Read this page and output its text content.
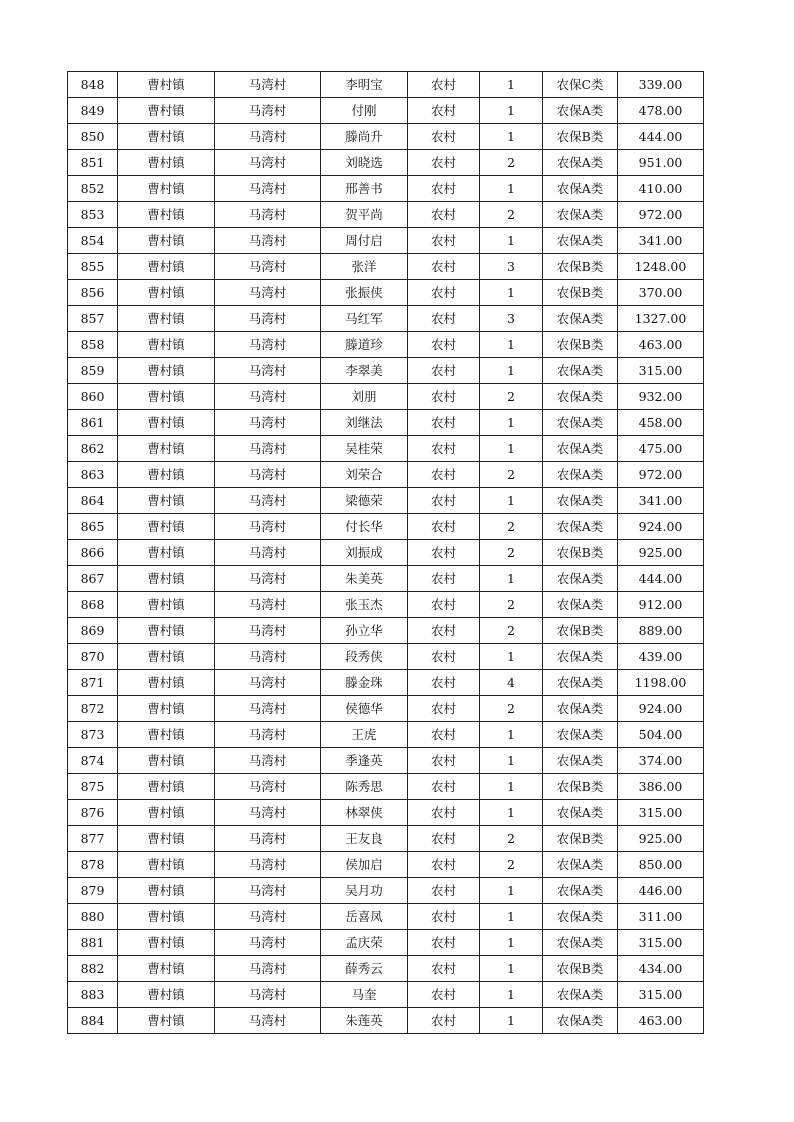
848	曹村镇	马湾村	李明宝	农村	1	农保C类	339.00
849	曹村镇	马湾村	付刚	农村	1	农保A类	478.00
850	曹村镇	马湾村	滕尚升	农村	1	农保B类	444.00
851	曹村镇	马湾村	刘晓选	农村	2	农保A类	951.00
852	曹村镇	马湾村	邢善书	农村	1	农保A类	410.00
853	曹村镇	马湾村	贺平尚	农村	2	农保A类	972.00
854	曹村镇	马湾村	周付启	农村	1	农保A类	341.00
855	曹村镇	马湾村	张洋	农村	3	农保B类	1248.00
856	曹村镇	马湾村	张振侠	农村	1	农保B类	370.00
857	曹村镇	马湾村	马红军	农村	3	农保A类	1327.00
858	曹村镇	马湾村	滕道珍	农村	1	农保B类	463.00
859	曹村镇	马湾村	李翠美	农村	1	农保A类	315.00
860	曹村镇	马湾村	刘朋	农村	2	农保A类	932.00
861	曹村镇	马湾村	刘继法	农村	1	农保A类	458.00
862	曹村镇	马湾村	吴桂荣	农村	1	农保A类	475.00
863	曹村镇	马湾村	刘荣合	农村	2	农保A类	972.00
864	曹村镇	马湾村	梁德荣	农村	1	农保A类	341.00
865	曹村镇	马湾村	付长华	农村	2	农保A类	924.00
866	曹村镇	马湾村	刘振成	农村	2	农保B类	925.00
867	曹村镇	马湾村	朱美英	农村	1	农保A类	444.00
868	曹村镇	马湾村	张玉杰	农村	2	农保A类	912.00
869	曹村镇	马湾村	孙立华	农村	2	农保B类	889.00
870	曹村镇	马湾村	段秀侠	农村	1	农保A类	439.00
871	曹村镇	马湾村	滕金珠	农村	4	农保A类	1198.00
872	曹村镇	马湾村	侯德华	农村	2	农保A类	924.00
873	曹村镇	马湾村	王虎	农村	1	农保A类	504.00
874	曹村镇	马湾村	季逢英	农村	1	农保A类	374.00
875	曹村镇	马湾村	陈秀思	农村	1	农保B类	386.00
876	曹村镇	马湾村	林翠侠	农村	1	农保A类	315.00
877	曹村镇	马湾村	王友良	农村	2	农保B类	925.00
878	曹村镇	马湾村	侯加启	农村	2	农保A类	850.00
879	曹村镇	马湾村	吴月功	农村	1	农保A类	446.00
880	曹村镇	马湾村	岳喜凤	农村	1	农保A类	311.00
881	曹村镇	马湾村	孟庆荣	农村	1	农保A类	315.00
882	曹村镇	马湾村	薛秀云	农村	1	农保B类	434.00
883	曹村镇	马湾村	马奎	农村	1	农保A类	315.00
884	曹村镇	马湾村	朱莲英	农村	1	农保A类	463.00
